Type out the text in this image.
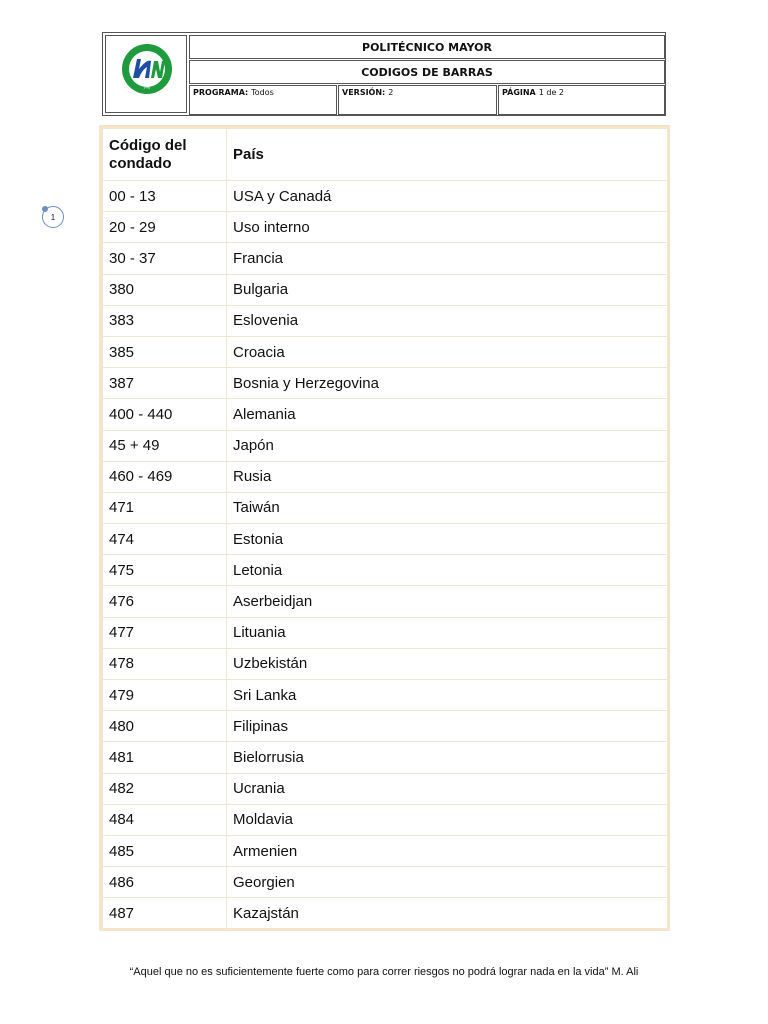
PM
POLITÉCNICO MAYOR
CODIGOS DE BARRAS
PROGRAMA: Todos	VERSIÓN: 2	PÁGINA 1 de 2
1
Código del condado	País
00 - 13	USA y Canadá
20 - 29	Uso interno
30 - 37	Francia
380	Bulgaria
383	Eslovenia
385	Croacia
387	Bosnia y Herzegovina
400 - 440	Alemania
45 + 49	Japón
460 - 469	Rusia
471	Taiwán
474	Estonia
475	Letonia
476	Aserbeidjan
477	Lituania
478	Uzbekistán
479	Sri Lanka
480	Filipinas
481	Bielorrusia
482	Ucrania
484	Moldavia
485	Armenien
486	Georgien
487	Kazajstán
“Aquel que no es suficientemente fuerte como para correr riesgos no podrá lograr nada en la vida” M. Ali
